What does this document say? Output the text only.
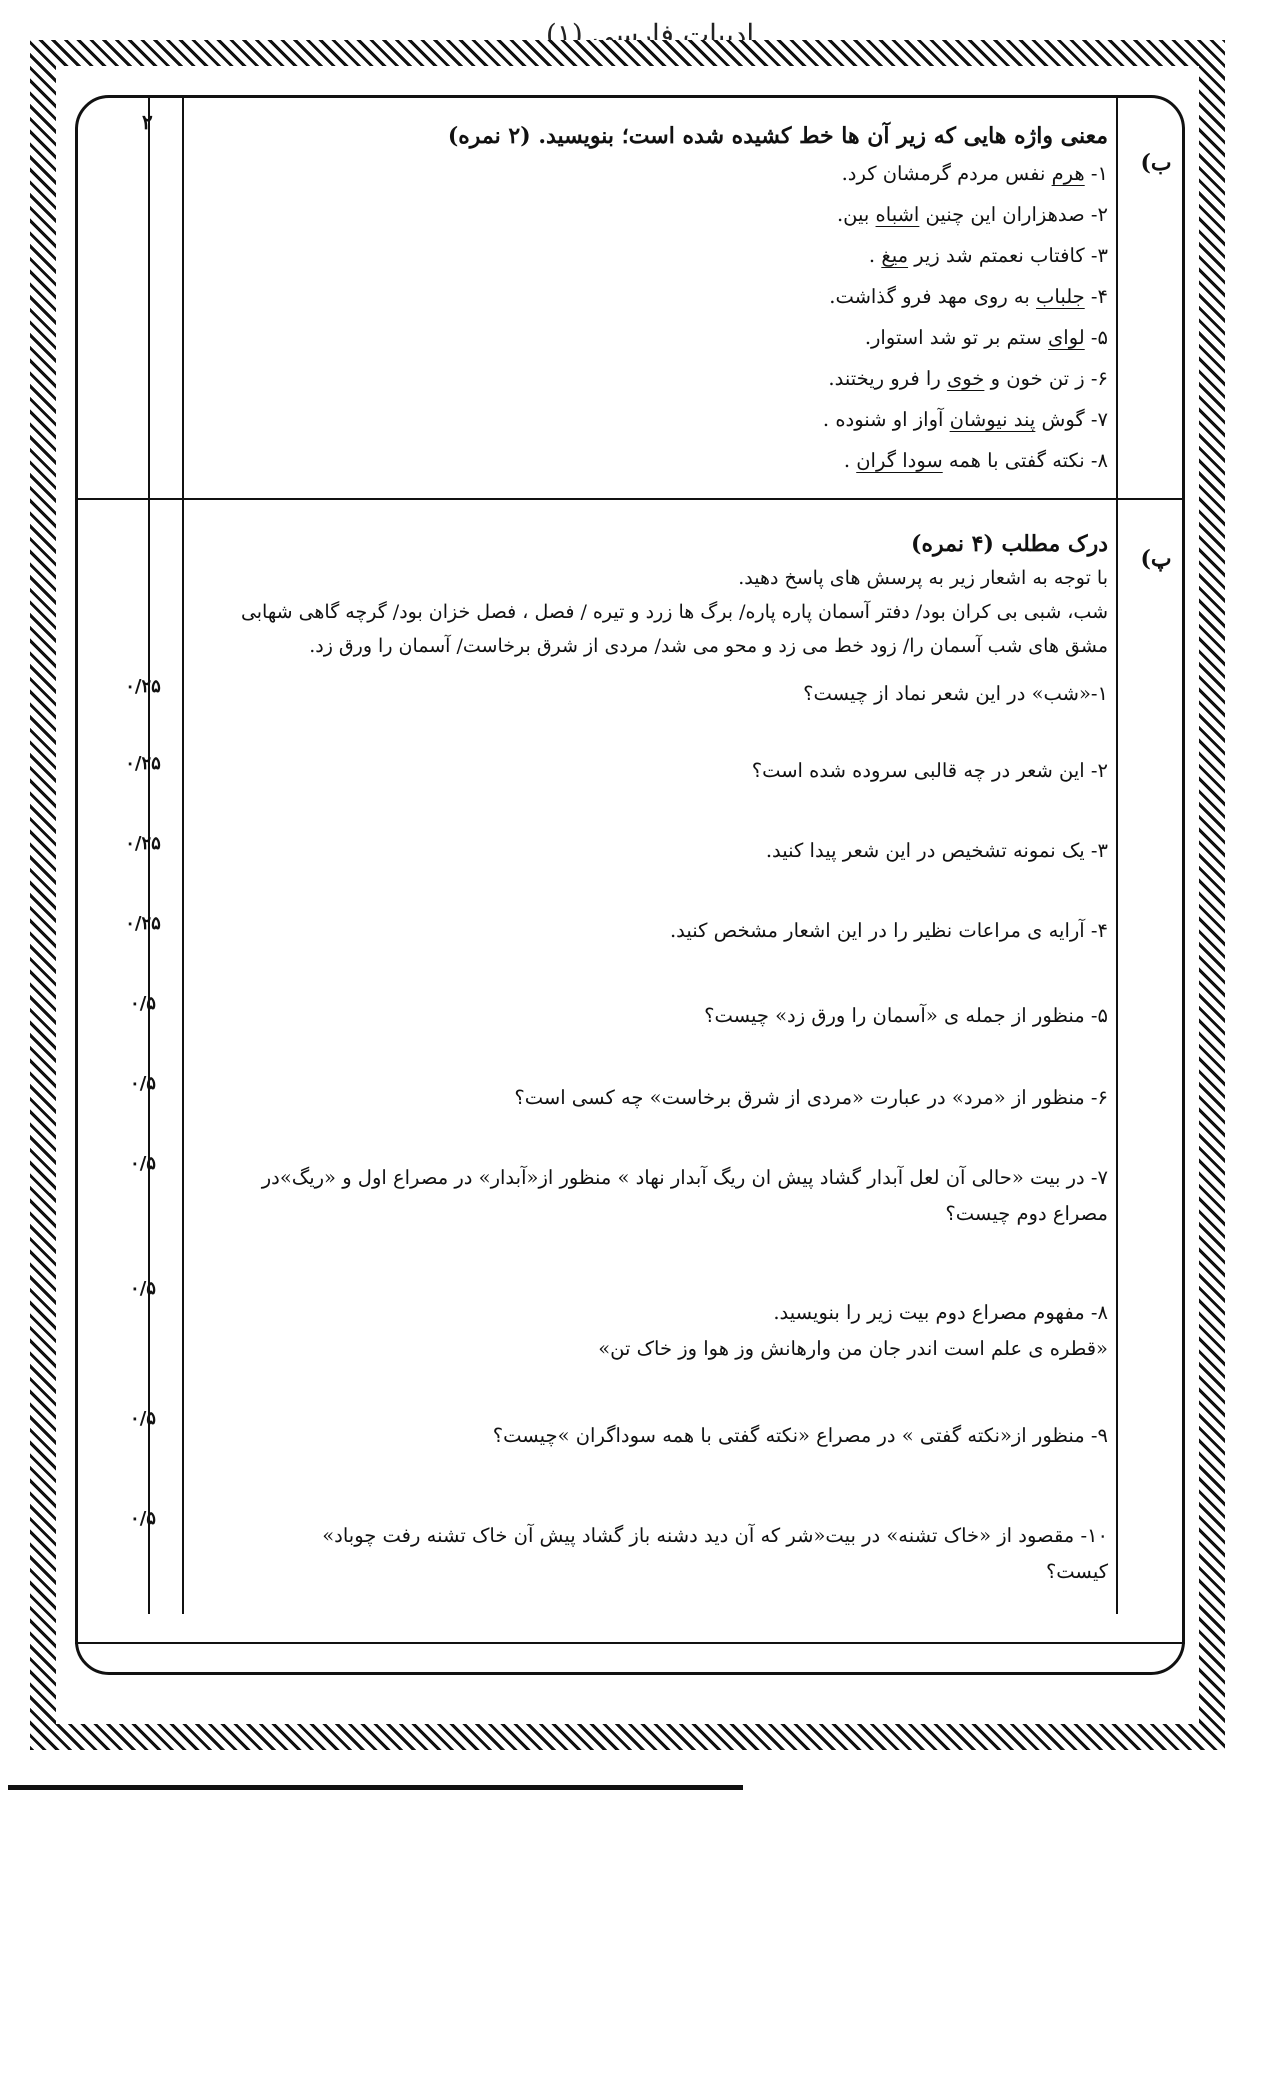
ادبیات فارسی (۱)
۲
ب)

معنی واژه هایی که زیر آن ها خط کشیده شده است؛ بنویسید. (۲ نمره)

۱- هرم نفس مردم گرمشان کرد.
۲- صدهزاران این چنین اشباه بین.
۳- کافتاب نعمتم شد زیر میغ .
۴- جلباب به روی مهد فرو گذاشت.
۵- لوای ستم بر تو شد استوار.
۶- ز تن خون و خوی را فرو ریختند.
۷- گوش پند نیوشان آواز او شنوده .
۸- نکته گفتی با همه سودا گران .
پ)

درک مطلب (۴ نمره)

با توجه به اشعار زیر به پرسش های پاسخ دهید.
شب، شبی بی کران بود/ دفتر آسمان پاره پاره/ برگ ها زرد و تیره / فصل ، فصل خزان بود/ گرچه گاهی شهابی
مشق های شب آسمان را/ زود خط می زد و محو می شد/ مردی از شرق برخاست/ آسمان را ورق زد.
۱-«شب» در این شعر نماد از چیست؟
۰/۲۵
۲- این شعر در چه قالبی سروده شده است؟
۰/۲۵
۳- یک نمونه تشخیص در این شعر پیدا کنید.
۰/۲۵
۴- آرایه ی مراعات نظیر را در این اشعار مشخص کنید.
۰/۲۵
۵- منظور از جمله ی «آسمان را ورق زد» چیست؟
۰/۵
۶- منظور از «مرد» در عبارت «مردی از شرق برخاست» چه کسی است؟
۰/۵
۷- در بیت «حالی آن لعل آبدار گشاد پیش ان ریگ آبدار نهاد » منظور از«آبدار» در مصراع اول و «ریگ»در
مصراع دوم چیست؟
۰/۵
۸- مفهوم مصراع دوم بیت زیر را بنویسید.
«قطره ی علم است اندر جان من وارهانش وز هوا وز خاک تن»
۰/۵
۹- منظور از«نکته گفتی » در مصراع «نکته گفتی با همه سوداگران »چیست؟
۰/۵
۱۰- مقصود از «خاک تشنه» در بیت«شر که آن دید دشنه باز گشاد پیش آن خاک تشنه رفت چوباد»
کیست؟
۰/۵
